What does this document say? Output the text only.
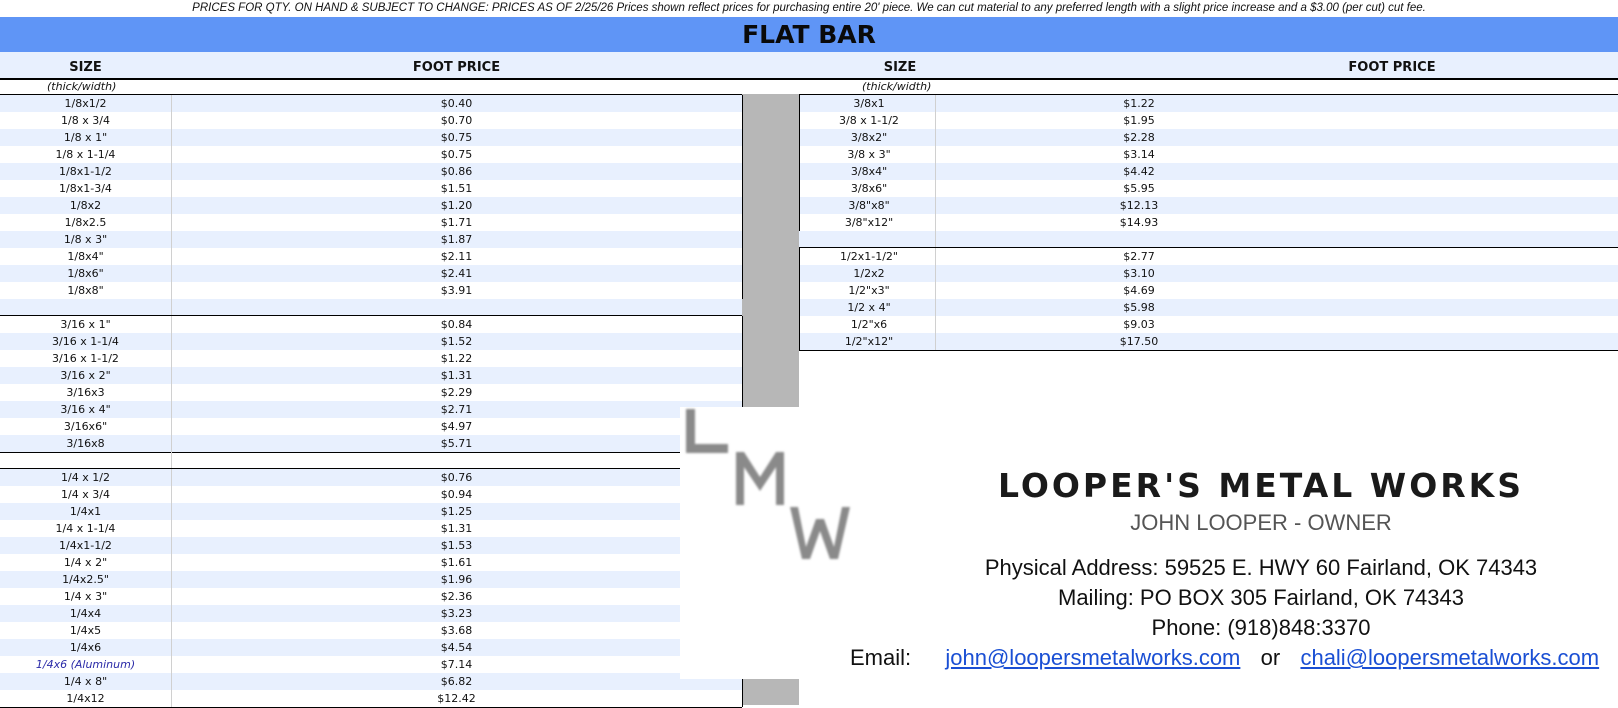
PRICES FOR QTY. ON HAND & SUBJECT TO CHANGE: PRICES AS OF 2/25/26 Prices shown reflect prices for purchasing entire 20' piece. We can cut material to any preferred length with a slight price increase and a $3.00 (per cut) cut fee.
FLAT BAR
SIZE	FOOT PRICE	SIZE	FOOT PRICE
(thick/width)	(thick/width)
1/8x1/2	$0.40
1/8 x 3/4	$0.70
1/8 x 1"	$0.75
1/8 x 1-1/4	$0.75
1/8x1-1/2	$0.86
1/8x1-3/4	$1.51
1/8x2	$1.20
1/8x2.5	$1.71
1/8 x 3"	$1.87
1/8x4"	$2.11
1/8x6"	$2.41
1/8x8"	$3.91
3/16 x 1"	$0.84
3/16 x 1-1/4	$1.52
3/16 x 1-1/2	$1.22
3/16 x 2"	$1.31
3/16x3	$2.29
3/16 x 4"	$2.71
3/16x6"	$4.97
3/16x8	$5.71
1/4 x 1/2	$0.76
1/4 x 3/4	$0.94
1/4x1	$1.25
1/4 x 1-1/4	$1.31
1/4x1-1/2	$1.53
1/4 x 2"	$1.61
1/4x2.5"	$1.96
1/4 x 3"	$2.36
1/4x4	$3.23
1/4x5	$3.68
1/4x6	$4.54
1/4x6 (Aluminum)	$7.14
1/4 x 8"	$6.82
1/4x12	$12.42
3/8x1	$1.22
3/8 x 1-1/2	$1.95
3/8x2"	$2.28
3/8 x 3"	$3.14
3/8x4"	$4.42
3/8x6"	$5.95
3/8"x8"	$12.13
3/8"x12"	$14.93
1/2x1-1/2"	$2.77
1/2x2	$3.10
1/2"x3"	$4.69
1/2 x 4"	$5.98
1/2"x6	$9.03
1/2"x12"	$17.50
LOOPER'S METAL WORKS
JOHN LOOPER - OWNER
Physical Address: 59525 E. HWY 60 Fairland, OK 74343
Mailing: PO BOX 305 Fairland, OK 74343
Phone: (918)848:3370
Email: john@loopersmetalworks.com or chali@loopersmetalworks.com
